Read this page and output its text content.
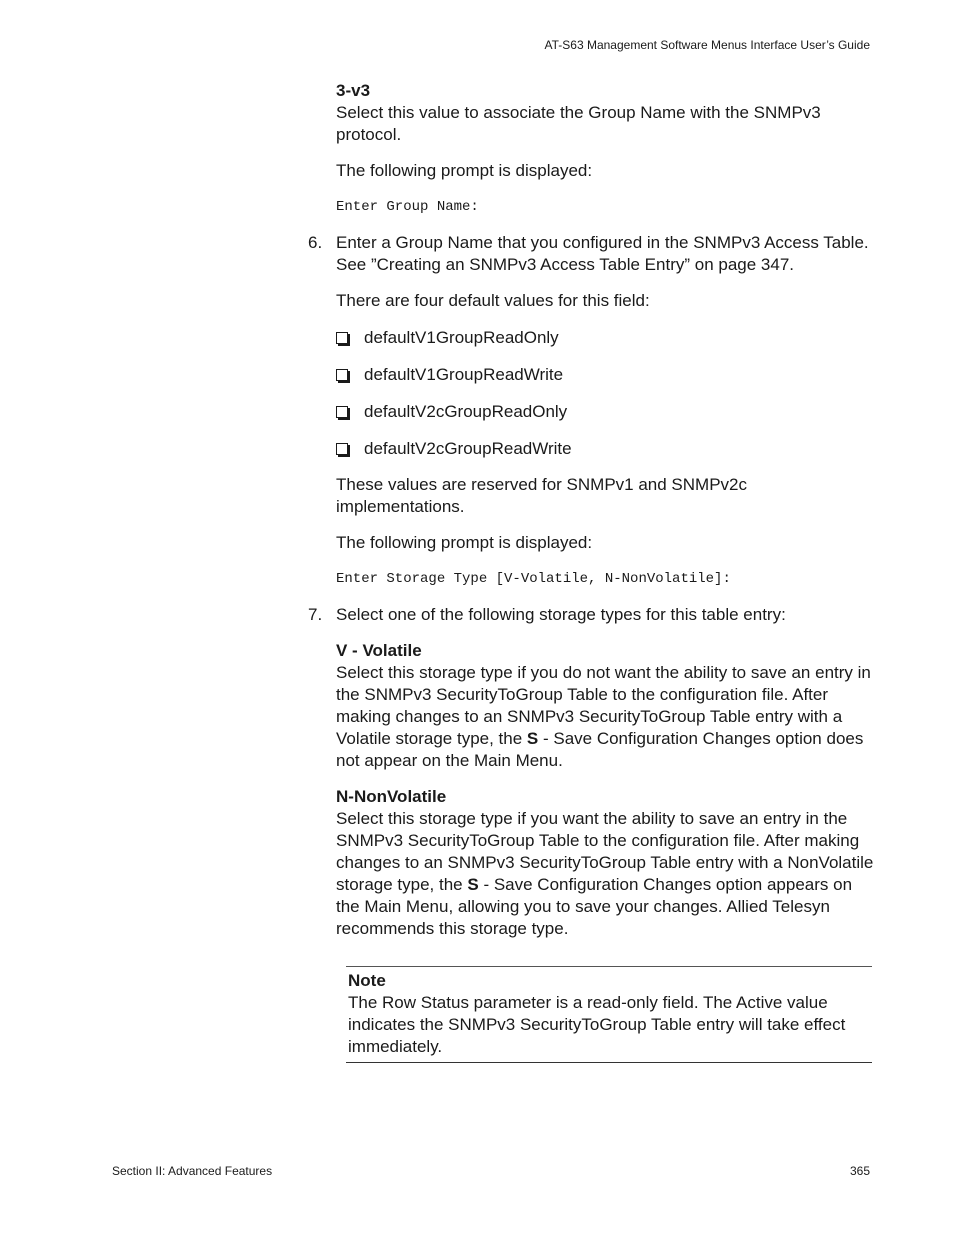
AT-S63 Management Software Menus Interface User’s Guide

3-v3

Select this value to associate the Group Name with the SNMPv3 protocol.

The following prompt is displayed:

Enter Group Name:

6. Enter a Group Name that you configured in the SNMPv3 Access Table. See ”Creating an SNMPv3 Access Table Entry” on page 347.

There are four default values for this field:

defaultV1GroupReadOnly
defaultV1GroupReadWrite
defaultV2cGroupReadOnly
defaultV2cGroupReadWrite

These values are reserved for SNMPv1 and SNMPv2c implementations.

The following prompt is displayed:

Enter Storage Type [V-Volatile, N-NonVolatile]:

7. Select one of the following storage types for this table entry:

V - Volatile

Select this storage type if you do not want the ability to save an entry in the SNMPv3 SecurityToGroup Table to the configuration file. After making changes to an SNMPv3 SecurityToGroup Table entry with a Volatile storage type, the S - Save Configuration Changes option does not appear on the Main Menu.

N-NonVolatile

Select this storage type if you want the ability to save an entry in the SNMPv3 SecurityToGroup Table to the configuration file. After making changes to an SNMPv3 SecurityToGroup Table entry with a NonVolatile storage type, the S - Save Configuration Changes option appears on the Main Menu, allowing you to save your changes. Allied Telesyn recommends this storage type.

Note

The Row Status parameter is a read-only field. The Active value indicates the SNMPv3 SecurityToGroup Table entry will take effect immediately.

Section II: Advanced Features	365
